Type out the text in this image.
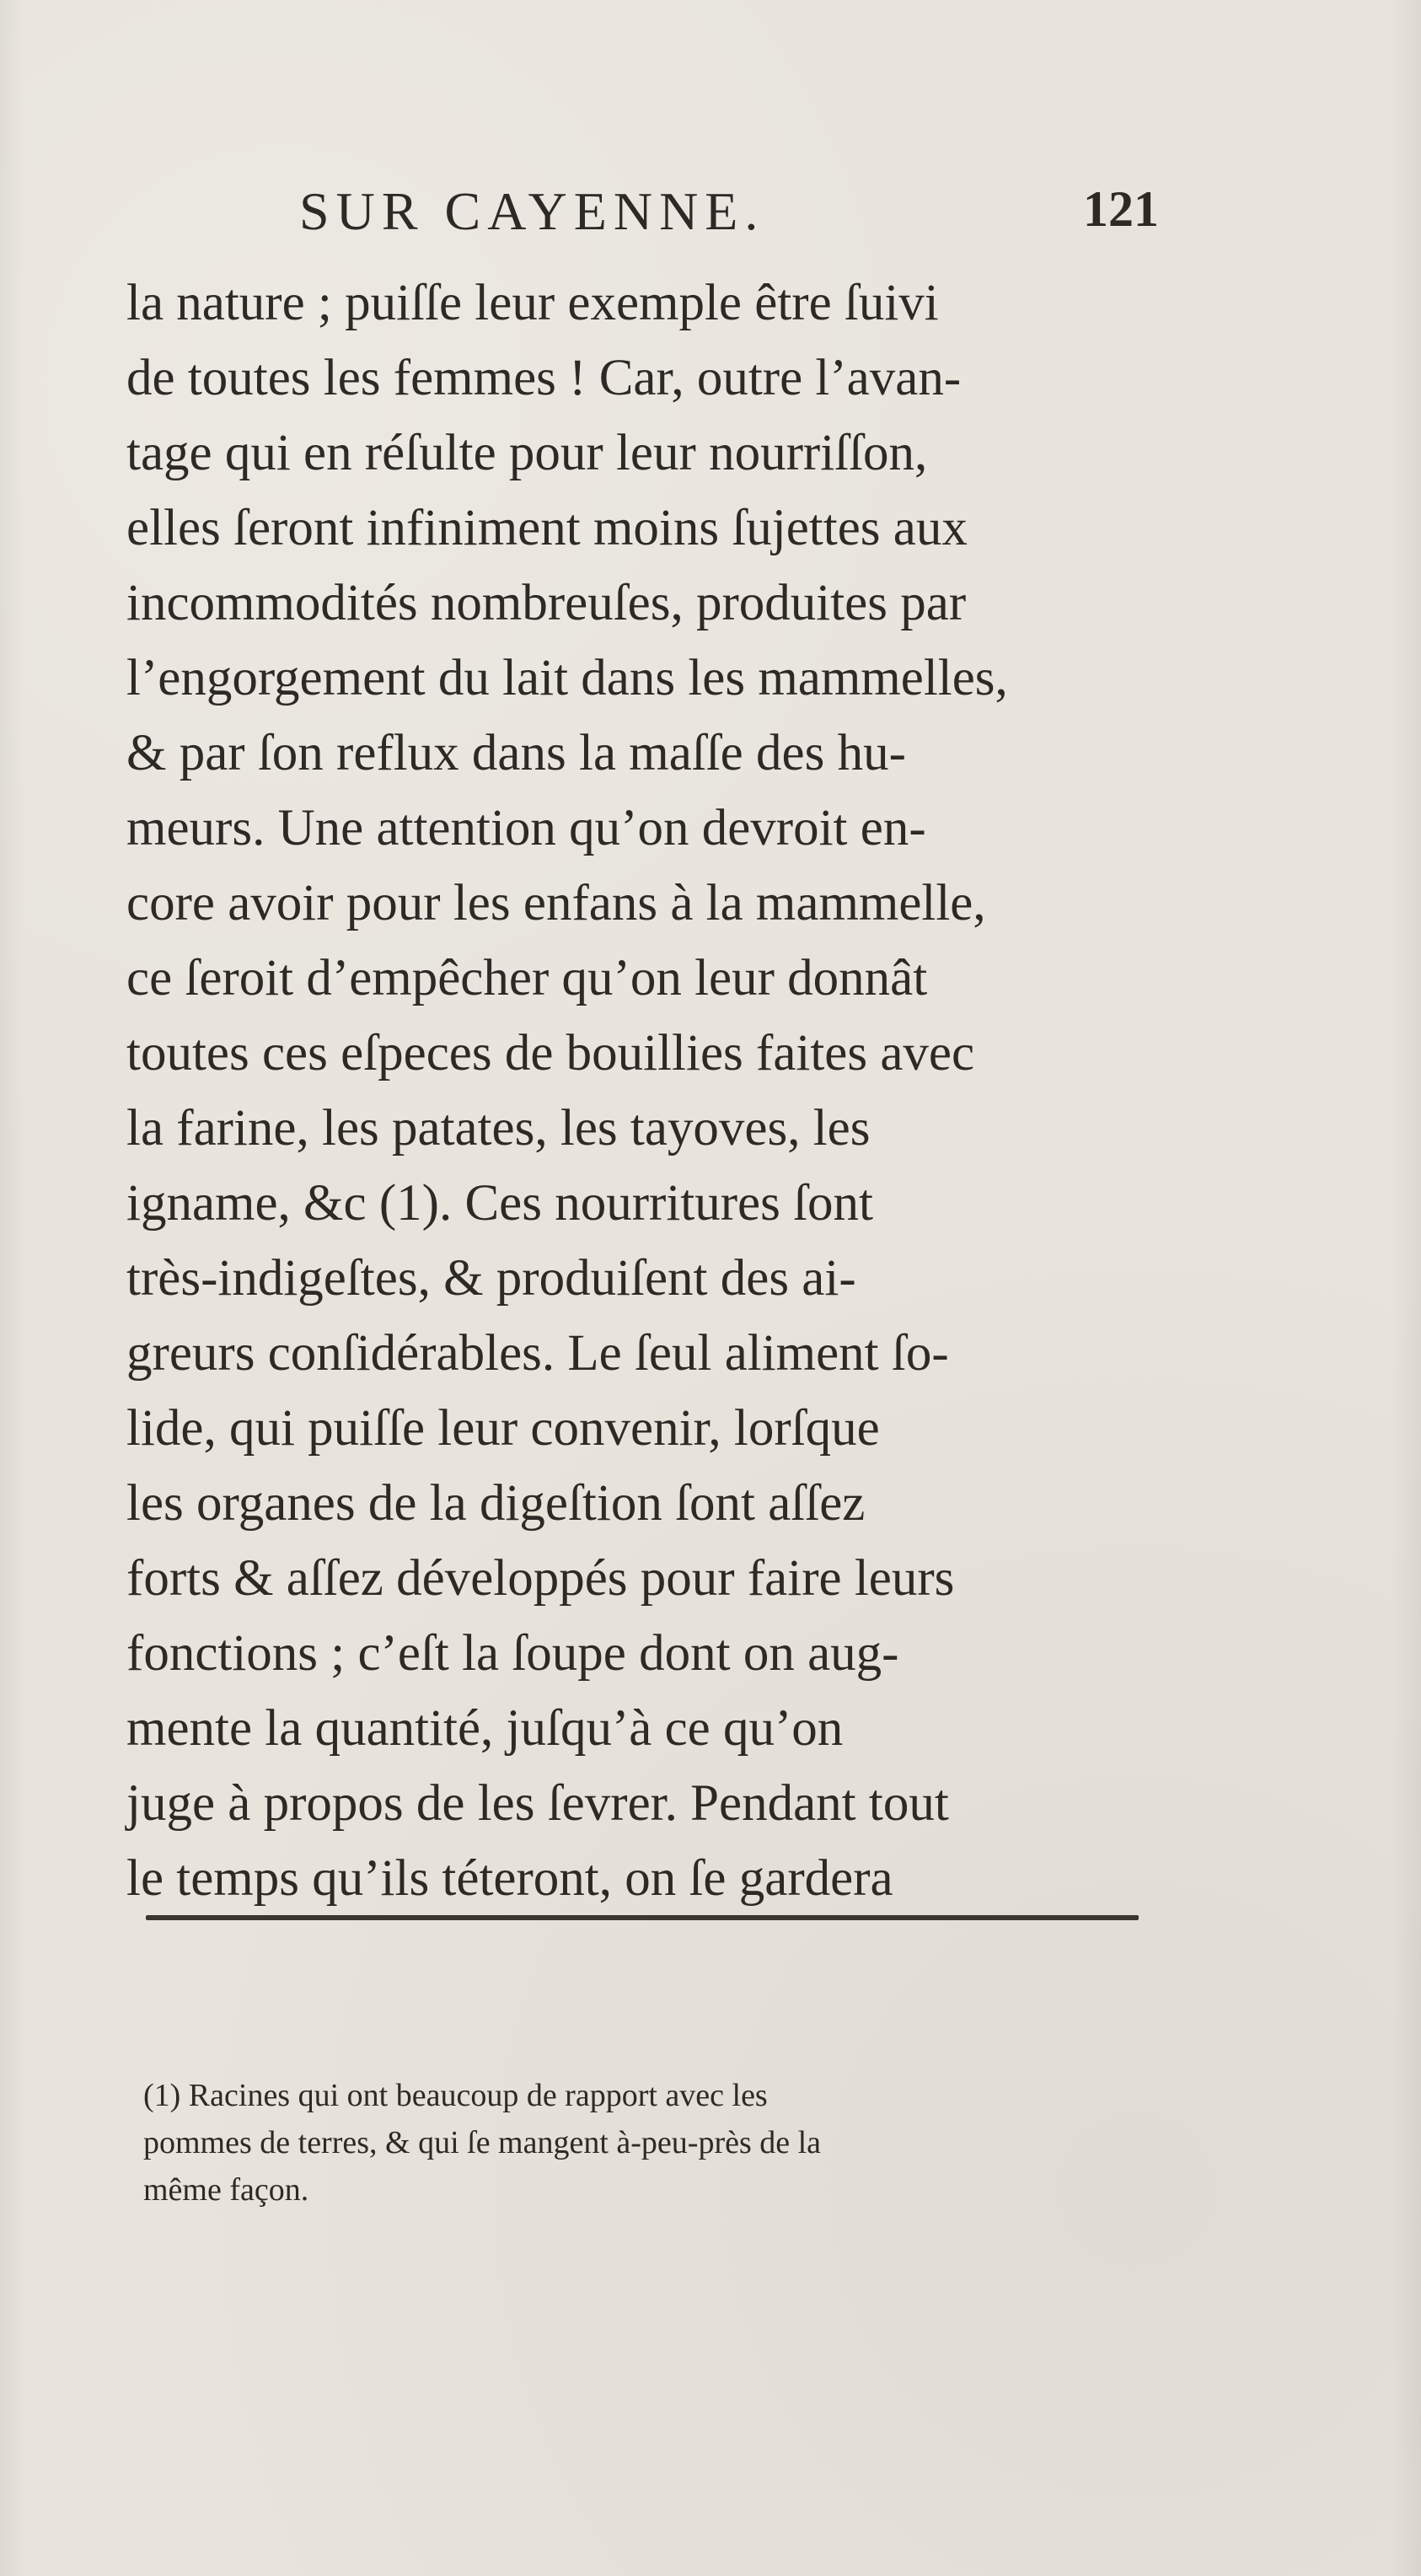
SUR CAYENNE.	121
la nature ; puiſſe leur exemple être ſuivi
de toutes les femmes ! Car, outre l’avan-
tage qui en réſulte pour leur nourriſſon,
elles ſeront infiniment moins ſujettes aux
incommodités nombreuſes, produites par
l’engorgement du lait dans les mammelles,
& par ſon reflux dans la maſſe des hu-
meurs. Une attention qu’on devroit en-
core avoir pour les enfans à la mammelle,
ce ſeroit d’empêcher qu’on leur donnât
toutes ces eſpeces de bouillies faites avec
la farine, les patates, les tayoves, les
igname, &c (1). Ces nourritures ſont
très-indigeſtes, & produiſent des ai-
greurs conſidérables. Le ſeul aliment ſo-
lide, qui puiſſe leur convenir, lorſque
les organes de la digeſtion ſont aſſez
forts & aſſez développés pour faire leurs
fonctions ; c’eſt la ſoupe dont on aug-
mente la quantité, juſqu’à ce qu’on
juge à propos de les ſevrer. Pendant tout
le temps qu’ils téteront, on ſe gardera
(1) Racines qui ont beaucoup de rapport avec les
pommes de terres, & qui ſe mangent à-peu-près de la
même façon.
